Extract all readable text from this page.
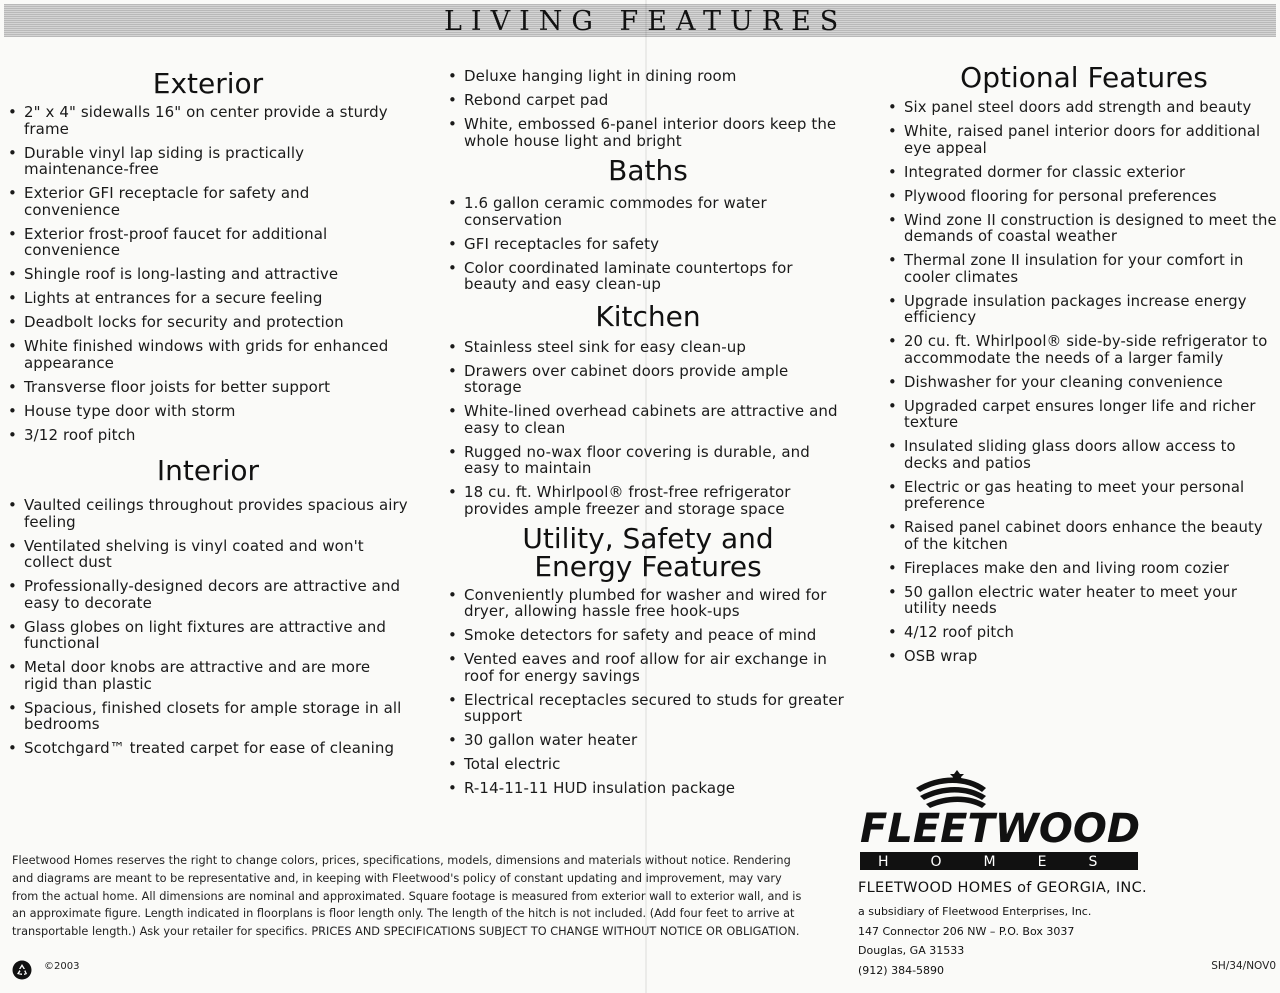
LIVING FEATURES
Exterior
• 2" x 4" sidewalls 16" on center provide a sturdy frame
• Durable vinyl lap siding is practically maintenance-free
• Exterior GFI receptacle for safety and convenience
• Exterior frost-proof faucet for additional convenience
• Shingle roof is long-lasting and attractive
• Lights at entrances for a secure feeling
• Deadbolt locks for security and protection
• White finished windows with grids for enhanced appearance
• Transverse floor joists for better support
• House type door with storm
• 3/12 roof pitch
Interior
• Vaulted ceilings throughout provides spacious airy feeling
• Ventilated shelving is vinyl coated and won't collect dust
• Professionally-designed decors are attractive and easy to decorate
• Glass globes on light fixtures are attractive and functional
• Metal door knobs are attractive and are more rigid than plastic
• Spacious, finished closets for ample storage in all bedrooms
• Scotchgard™ treated carpet for ease of cleaning
• Deluxe hanging light in dining room
• Rebond carpet pad
• White, embossed 6-panel interior doors keep the whole house light and bright
Baths
• 1.6 gallon ceramic commodes for water conservation
• GFI receptacles for safety
• Color coordinated laminate countertops for beauty and easy clean-up
Kitchen
• Stainless steel sink for easy clean-up
• Drawers over cabinet doors provide ample storage
• White-lined overhead cabinets are attractive and easy to clean
• Rugged no-wax floor covering is durable, and easy to maintain
• 18 cu. ft. Whirlpool® frost-free refrigerator provides ample freezer and storage space
Utility, Safety and
Energy Features
• Conveniently plumbed for washer and wired for dryer, allowing hassle free hook-ups
• Smoke detectors for safety and peace of mind
• Vented eaves and roof allow for air exchange in roof for energy savings
• Electrical receptacles secured to studs for greater support
• 30 gallon water heater
• Total electric
• R-14-11-11 HUD insulation package
Optional Features
• Six panel steel doors add strength and beauty
• White, raised panel interior doors for additional eye appeal
• Integrated dormer for classic exterior
• Plywood flooring for personal preferences
• Wind zone II construction is designed to meet the demands of coastal weather
• Thermal zone II insulation for your comfort in cooler climates
• Upgrade insulation packages increase energy efficiency
• 20 cu. ft. Whirlpool® side-by-side refrigerator to accommodate the needs of a larger family
• Dishwasher for your cleaning convenience
• Upgraded carpet ensures longer life and richer texture
• Insulated sliding glass doors allow access to decks and patios
• Electric or gas heating to meet your personal preference
• Raised panel cabinet doors enhance the beauty of the kitchen
• Fireplaces make den and living room cozier
• 50 gallon electric water heater to meet your utility needs
• 4/12 roof pitch
• OSB wrap
Fleetwood Homes reserves the right to change colors, prices, specifications, models, dimensions and materials without notice. Rendering and diagrams are meant to be representative and, in keeping with Fleetwood's policy of constant updating and improvement, may vary from the actual home. All dimensions are nominal and approximated. Square footage is measured from exterior wall to exterior wall, and is an approximate figure. Length indicated in floorplans is floor length only. The length of the hitch is not included. (Add four feet to arrive at transportable length.) Ask your retailer for specifics. PRICES AND SPECIFICATIONS SUBJECT TO CHANGE WITHOUT NOTICE OR OBLIGATION.
©2003
FLEETWOOD
HOMES
FLEETWOOD HOMES of GEORGIA, INC.
a subsidiary of Fleetwood Enterprises, Inc.
147 Connector 206 NW – P.O. Box 3037
Douglas, GA 31533
(912) 384-5890	SH/34/NOV0
